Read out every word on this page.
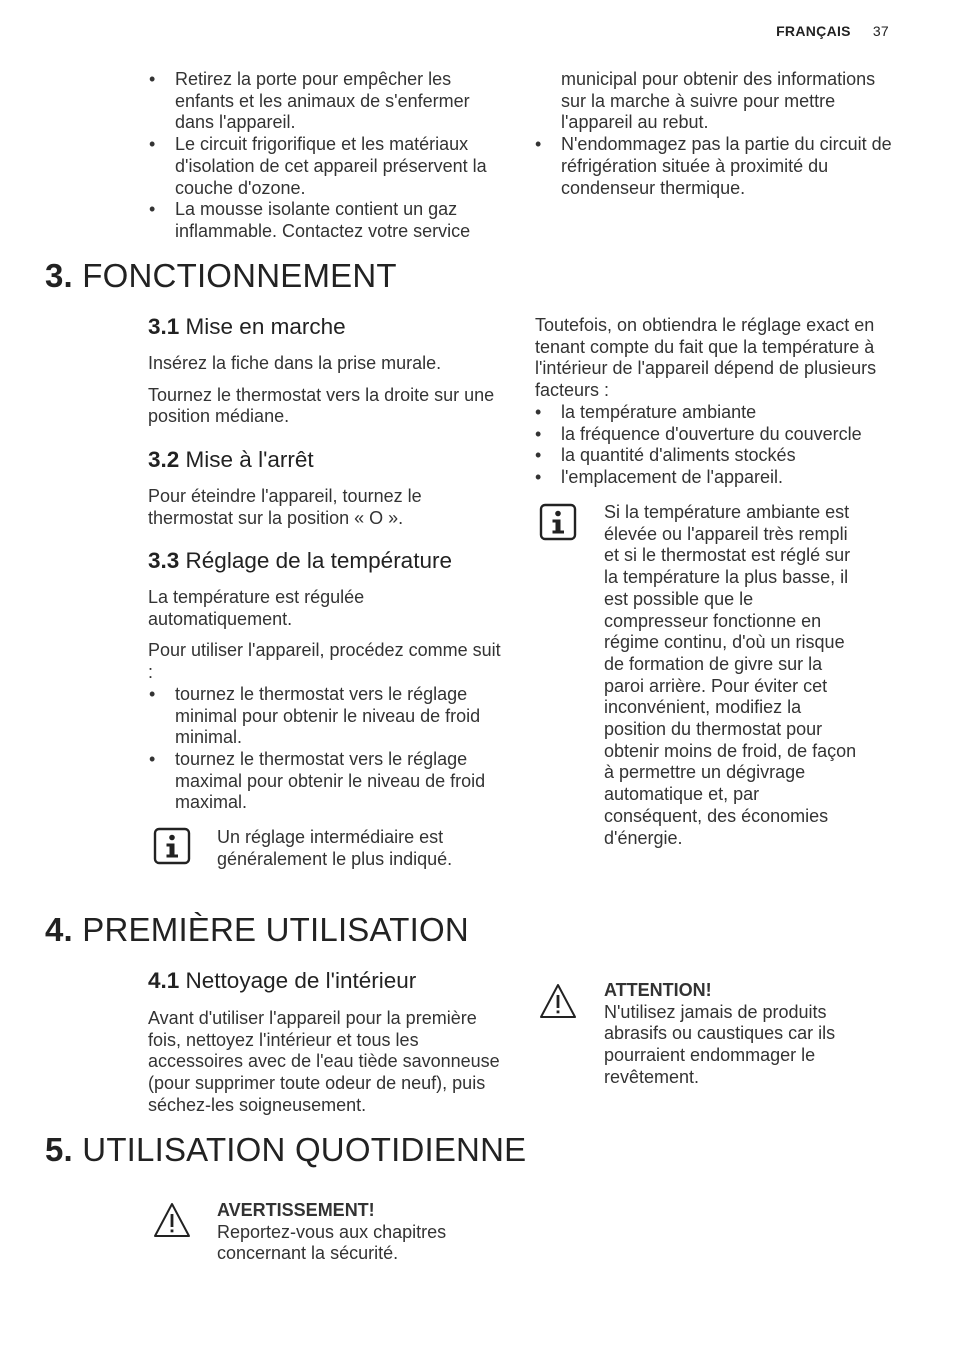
FRANÇAIS 37
• Retirez la porte pour empêcher les enfants et les animaux de s'enfermer dans l'appareil.
• Le circuit frigorifique et les matériaux d'isolation de cet appareil préservent la couche d'ozone.
• La mousse isolante contient un gaz inflammable. Contactez votre service

municipal pour obtenir des informations sur la marche à suivre pour mettre l'appareil au rebut.

• N'endommagez pas la partie du circuit de réfrigération située à proximité du condenseur thermique.
3. FONCTIONNEMENT
3.1 Mise en marche

Insérez la fiche dans la prise murale.

Tournez le thermostat vers la droite sur une position médiane.

3.2 Mise à l'arrêt

Pour éteindre l'appareil, tournez le thermostat sur la position « O ».

3.3 Réglage de la température

La température est régulée automatiquement.

Pour utiliser l'appareil, procédez comme suit :

• tournez le thermostat vers le réglage minimal pour obtenir le niveau de froid minimal.
• tournez le thermostat vers le réglage maximal pour obtenir le niveau de froid maximal.

Un réglage intermédiaire est généralement le plus indiqué.

Toutefois, on obtiendra le réglage exact en tenant compte du fait que la température à l'intérieur de l'appareil dépend de plusieurs facteurs :

• la température ambiante
• la fréquence d'ouverture du couvercle
• la quantité d'aliments stockés
• l'emplacement de l'appareil.

Si la température ambiante est élevée ou l'appareil très rempli et si le thermostat est réglé sur la température la plus basse, il est possible que le compresseur fonctionne en régime continu, d'où un risque de formation de givre sur la paroi arrière. Pour éviter cet inconvénient, modifiez la position du thermostat pour obtenir moins de froid, de façon à permettre un dégivrage automatique et, par conséquent, des économies d'énergie.

4. PREMIÈRE UTILISATION
4.1 Nettoyage de l'intérieur

Avant d'utiliser l'appareil pour la première fois, nettoyez l'intérieur et tous les accessoires avec de l'eau tiède savonneuse (pour supprimer toute odeur de neuf), puis séchez-les soigneusement.

ATTENTION!

N'utilisez jamais de produits abrasifs ou caustiques car ils pourraient endommager le revêtement.

5. UTILISATION QUOTIDIENNE

AVERTISSEMENT!

Reportez-vous aux chapitres concernant la sécurité.
